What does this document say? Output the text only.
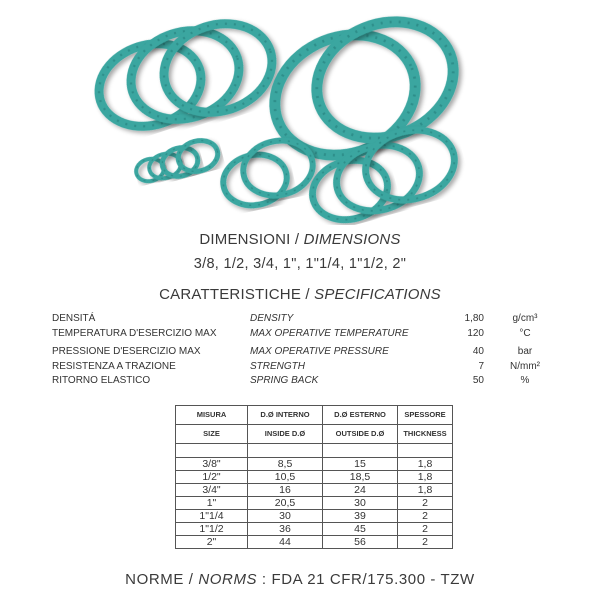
DIMENSIONI / DIMENSIONS
3/8, 1/2, 3/4, 1", 1"1/4, 1"1/2, 2"
CARATTERISTICHE / SPECIFICATIONS
DENSITÁ	DENSITY	1,80	g/cm³
TEMPERATURA D'ESERCIZIO MAX	MAX OPERATIVE TEMPERATURE	120	°C
PRESSIONE D'ESERCIZIO MAX	MAX OPERATIVE PRESSURE	40	bar
RESISTENZA A TRAZIONE	STRENGTH	7	N/mm²
RITORNO ELASTICO	SPRING BACK	50	%
MISURA	D.Ø INTERNO	D.Ø ESTERNO	SPESSORE
SIZE	INSIDE D.Ø	OUTSIDE D.Ø	THICKNESS

3/8"	8,5	15	1,8
1/2"	10,5	18,5	1,8
3/4"	16	24	1,8
1"	20,5	30	2
1"1/4	30	39	2
1"1/2	36	45	2
2"	44	56	2
NORME / NORMS : FDA 21 CFR/175.300 - TZW
